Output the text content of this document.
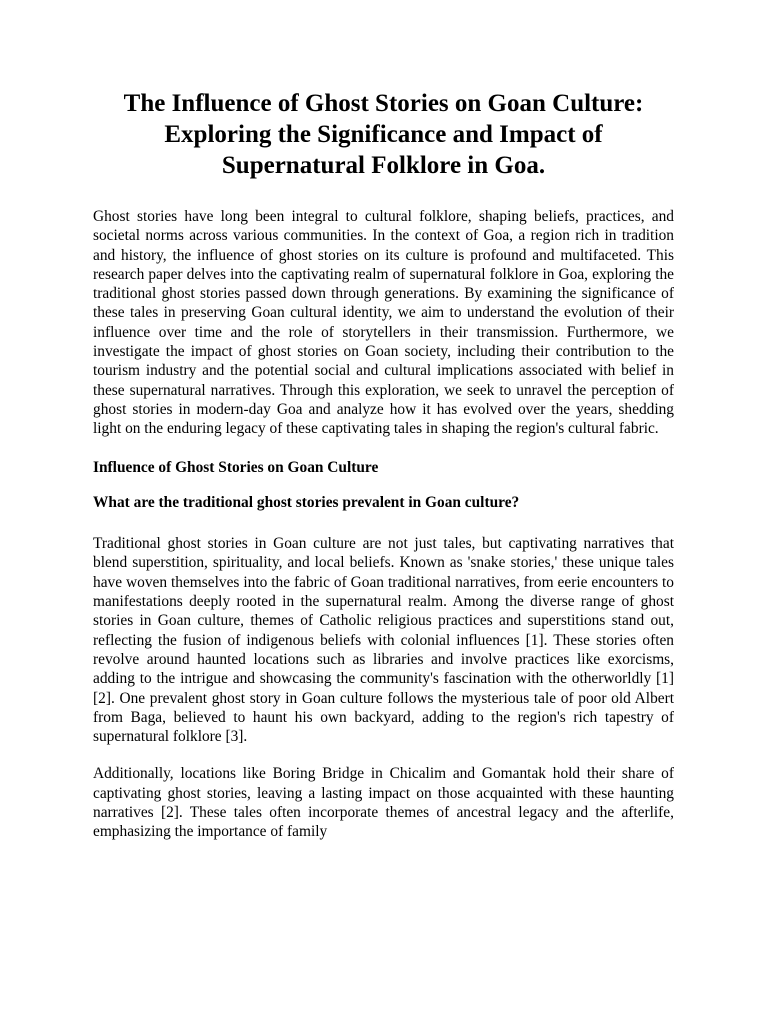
The Influence of Ghost Stories on Goan Culture: Exploring the Significance and Impact of Supernatural Folklore in Goa.

Ghost stories have long been integral to cultural folklore, shaping beliefs, practices, and societal norms across various communities. In the context of Goa, a region rich in tradition and history, the influence of ghost stories on its culture is profound and multifaceted. This research paper delves into the captivating realm of supernatural folklore in Goa, exploring the traditional ghost stories passed down through generations. By examining the significance of these tales in preserving Goan cultural identity, we aim to understand the evolution of their influence over time and the role of storytellers in their transmission. Furthermore, we investigate the impact of ghost stories on Goan society, including their contribution to the tourism industry and the potential social and cultural implications associated with belief in these supernatural narratives. Through this exploration, we seek to unravel the perception of ghost stories in modern-day Goa and analyze how it has evolved over the years, shedding light on the enduring legacy of these captivating tales in shaping the region's cultural fabric.

Influence of Ghost Stories on Goan Culture

What are the traditional ghost stories prevalent in Goan culture?

Traditional ghost stories in Goan culture are not just tales, but captivating narratives that blend superstition, spirituality, and local beliefs. Known as 'snake stories,' these unique tales have woven themselves into the fabric of Goan traditional narratives, from eerie encounters to manifestations deeply rooted in the supernatural realm. Among the diverse range of ghost stories in Goan culture, themes of Catholic religious practices and superstitions stand out, reflecting the fusion of indigenous beliefs with colonial influences [1]. These stories often revolve around haunted locations such as libraries and involve practices like exorcisms, adding to the intrigue and showcasing the community's fascination with the otherworldly [1][2]. One prevalent ghost story in Goan culture follows the mysterious tale of poor old Albert from Baga, believed to haunt his own backyard, adding to the region's rich tapestry of supernatural folklore [3].

Additionally, locations like Boring Bridge in Chicalim and Gomantak hold their share of captivating ghost stories, leaving a lasting impact on those acquainted with these haunting narratives [2]. These tales often incorporate themes of ancestral legacy and the afterlife, emphasizing the importance of family
